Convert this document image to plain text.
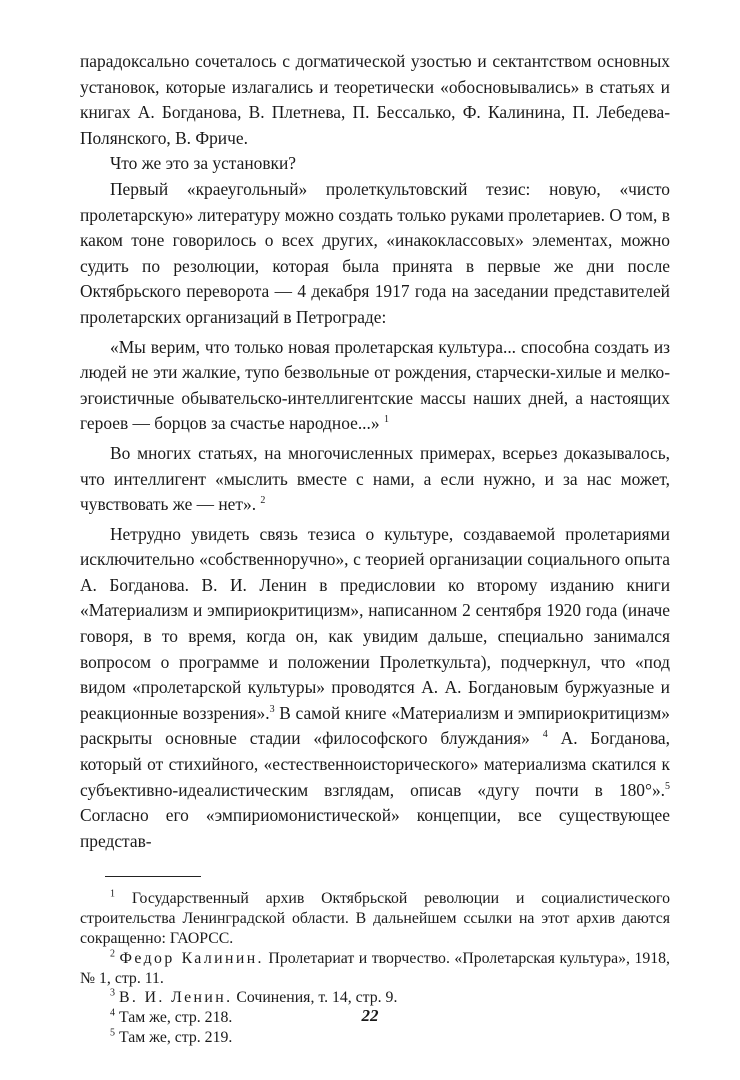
парадоксально сочеталось с догматической узостью и сектантством основных установок, которые излагались и теоретически «обосновывались» в статьях и книгах А. Богданова, В. Плетнева, П. Бессалько, Ф. Калинина, П. Лебедева-Полянского, В. Фриче.

Что же это за установки?

Первый «краеугольный» пролеткультовский тезис: новую, «чисто пролетарскую» литературу можно создать только руками пролетариев. О том, в каком тоне говорилось о всех других, «инакоклассовых» элементах, можно судить по резолюции, которая была принята в первые же дни после Октябрьского переворота — 4 декабря 1917 года на заседании представителей пролетарских организаций в Петрограде:

«Мы верим, что только новая пролетарская культура... способна создать из людей не эти жалкие, тупо безвольные от рождения, старчески-хилые и мелко-эгоистичные обывательско-интеллигентские массы наших дней, а настоящих героев — борцов за счастье народное...» $^1$

Во многих статьях, на многочисленных примерах, всерьез доказывалось, что интеллигент «мыслить вместе с нами, а если нужно, и за нас может, чувствовать же — нет». $^2$

Нетрудно увидеть связь тезиса о культуре, создаваемой пролетариями исключительно «собственноручно», с теорией организации социального опыта А. Богданова. В. И. Ленин в предисловии ко второму изданию книги «Материализм и эмпириокритицизм», написанном 2 сентября 1920 года (иначе говоря, в то время, когда он, как увидим дальше, специально занимался вопросом о программе и положении Пролеткульта), подчеркнул, что «под видом «пролетарской культуры» проводятся А. А. Богдановым буржуазные и реакционные воззрения».$^3$ В самой книге «Материализм и эмпириокритицизм» раскрыты основные стадии «философского блуждания» $^4$ А. Богданова, который от стихийного, «естественноисторического» материализма скатился к субъективно-идеалистическим взглядам, описав «дугу почти в 180°».$^5$ Согласно его «эмпириомонистической» концепции, все существующее представ-

$^1$ Государственный архив Октябрьской революции и социалистического строительства Ленинградской области. В дальнейшем ссылки на этот архив даются сокращенно: ГАОРСС.

$^2$ Федор Калинин. Пролетариат и творчество. «Пролетарская культура», 1918, № 1, стр. 11.

$^3$ В. И. Ленин. Сочинения, т. 14, стр. 9.

$^4$ Там же, стр. 218.

$^5$ Там же, стр. 219.

22
